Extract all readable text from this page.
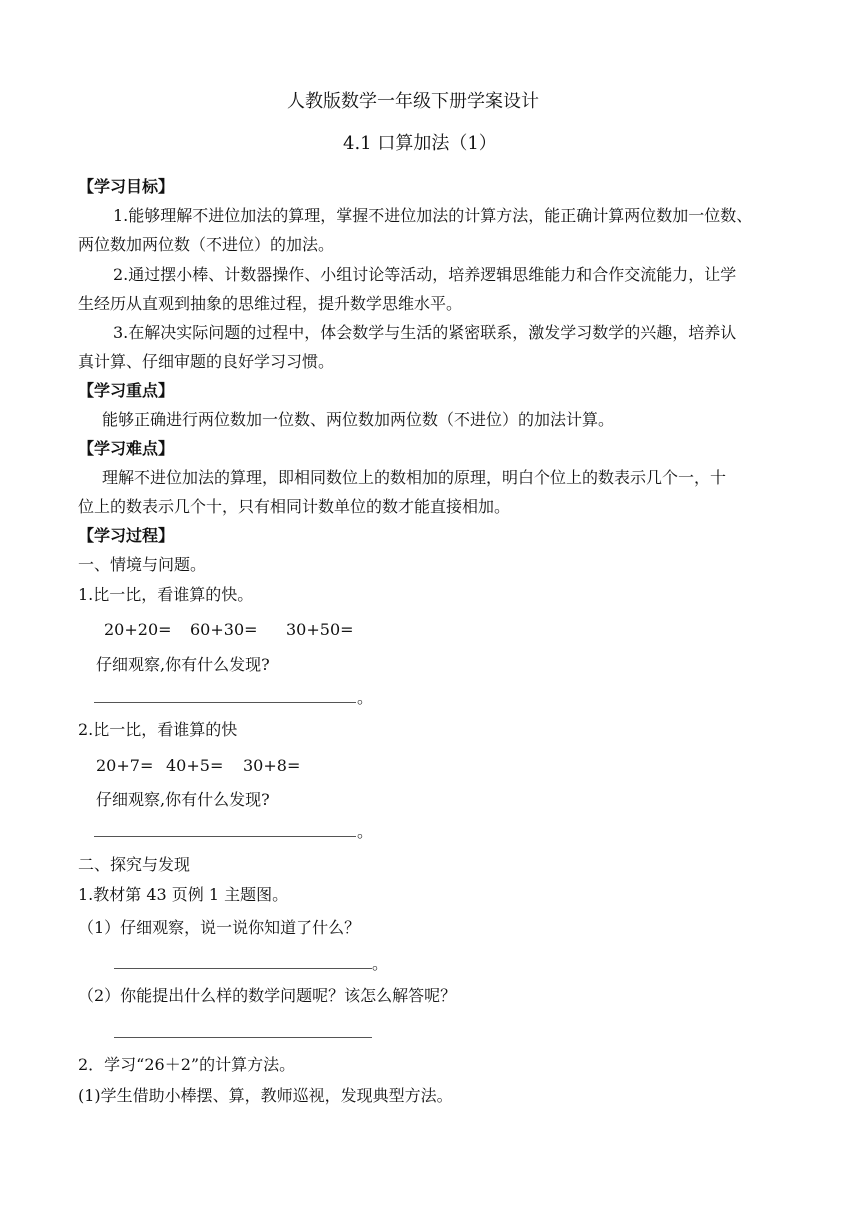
人教版数学一年级下册学案设计
4.1 口算加法（1）
【学习目标】
1.能够理解不进位加法的算理，掌握不进位加法的计算方法，能正确计算两位数加一位数、
两位数加两位数（不进位）的加法。
2.通过摆小棒、计数器操作、小组讨论等活动，培养逻辑思维能力和合作交流能力，让学
生经历从直观到抽象的思维过程，提升数学思维水平。
3.在解决实际问题的过程中，体会数学与生活的紧密联系，激发学习数学的兴趣，培养认
真计算、仔细审题的良好学习习惯。
【学习重点】
能够正确进行两位数加一位数、两位数加两位数（不进位）的加法计算。
【学习难点】
理解不进位加法的算理，即相同数位上的数相加的原理，明白个位上的数表示几个一，十
位上的数表示几个十，只有相同计数单位的数才能直接相加。
【学习过程】
一、情境与问题。
1.比一比，看谁算的快。
20+20= 60+30= 30+50=
仔细观察,你有什么发现?
。
2.比一比，看谁算的快
20+7= 40+5= 30+8=
仔细观察,你有什么发现?
。
二、探究与发现
1.教材第 43 页例 1 主题图。
（1）仔细观察，说一说你知道了什么？
。
（2）你能提出什么样的数学问题呢？该怎么解答呢？
2．学习“26＋2”的计算方法。
(1)学生借助小棒摆、算，教师巡视，发现典型方法。
